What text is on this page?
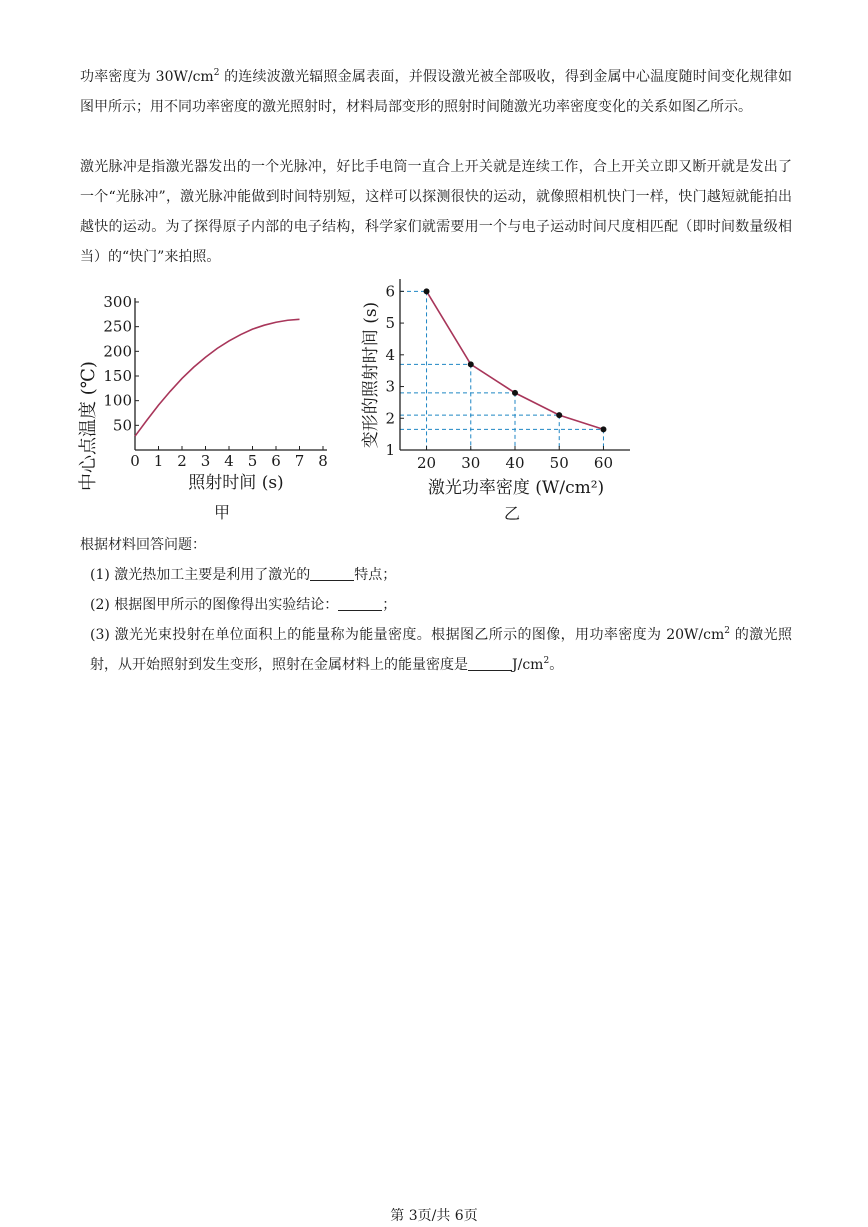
功率密度为 $30W/cm^2$ 的连续波激光辐照金属表面，并假设激光被全部吸收，得到金属中心温度随时间变化规律如图甲所示；用不同功率密度的激光照射时，材料局部变形的照射时间随激光功率密度变化的关系如图乙所示。
激光脉冲是指激光器发出的一个光脉冲，好比手电筒一直合上开关就是连续工作，合上开关立即又断开就是发出了一个“光脉冲”，激光脉冲能做到时间特别短，这样可以探测很快的运动，就像照相机快门一样，快门越短就能拍出越快的运动。为了探得原子内部的电子结构，科学家们就需要用一个与电子运动时间尺度相匹配（即时间数量级相当）的“快门”来拍照。
0 1 2 3 4 5 6 7 8
50
100
150
200
250
300
中心点温度 (℃)	照射时间 (s)
甲
20 30 40 50 60
1
2
3
4
5
6
变形的照射时间 (s)
激光功率密度 (W/cm²)
乙
根据材料回答问题：
(1) 激光热加工主要是利用了激光的	特点；
(2) 根据图甲所示的图像得出实验结论：	；
(3) 激光光束投射在单位面积上的能量称为能量密度。根据图乙所示的图像，用功率密度为 $20W/cm^2$ 的激光照射，从开始照射到发生变形，照射在金属材料上的能量密度是	$J/cm^2$。
第 3页/共 6页
